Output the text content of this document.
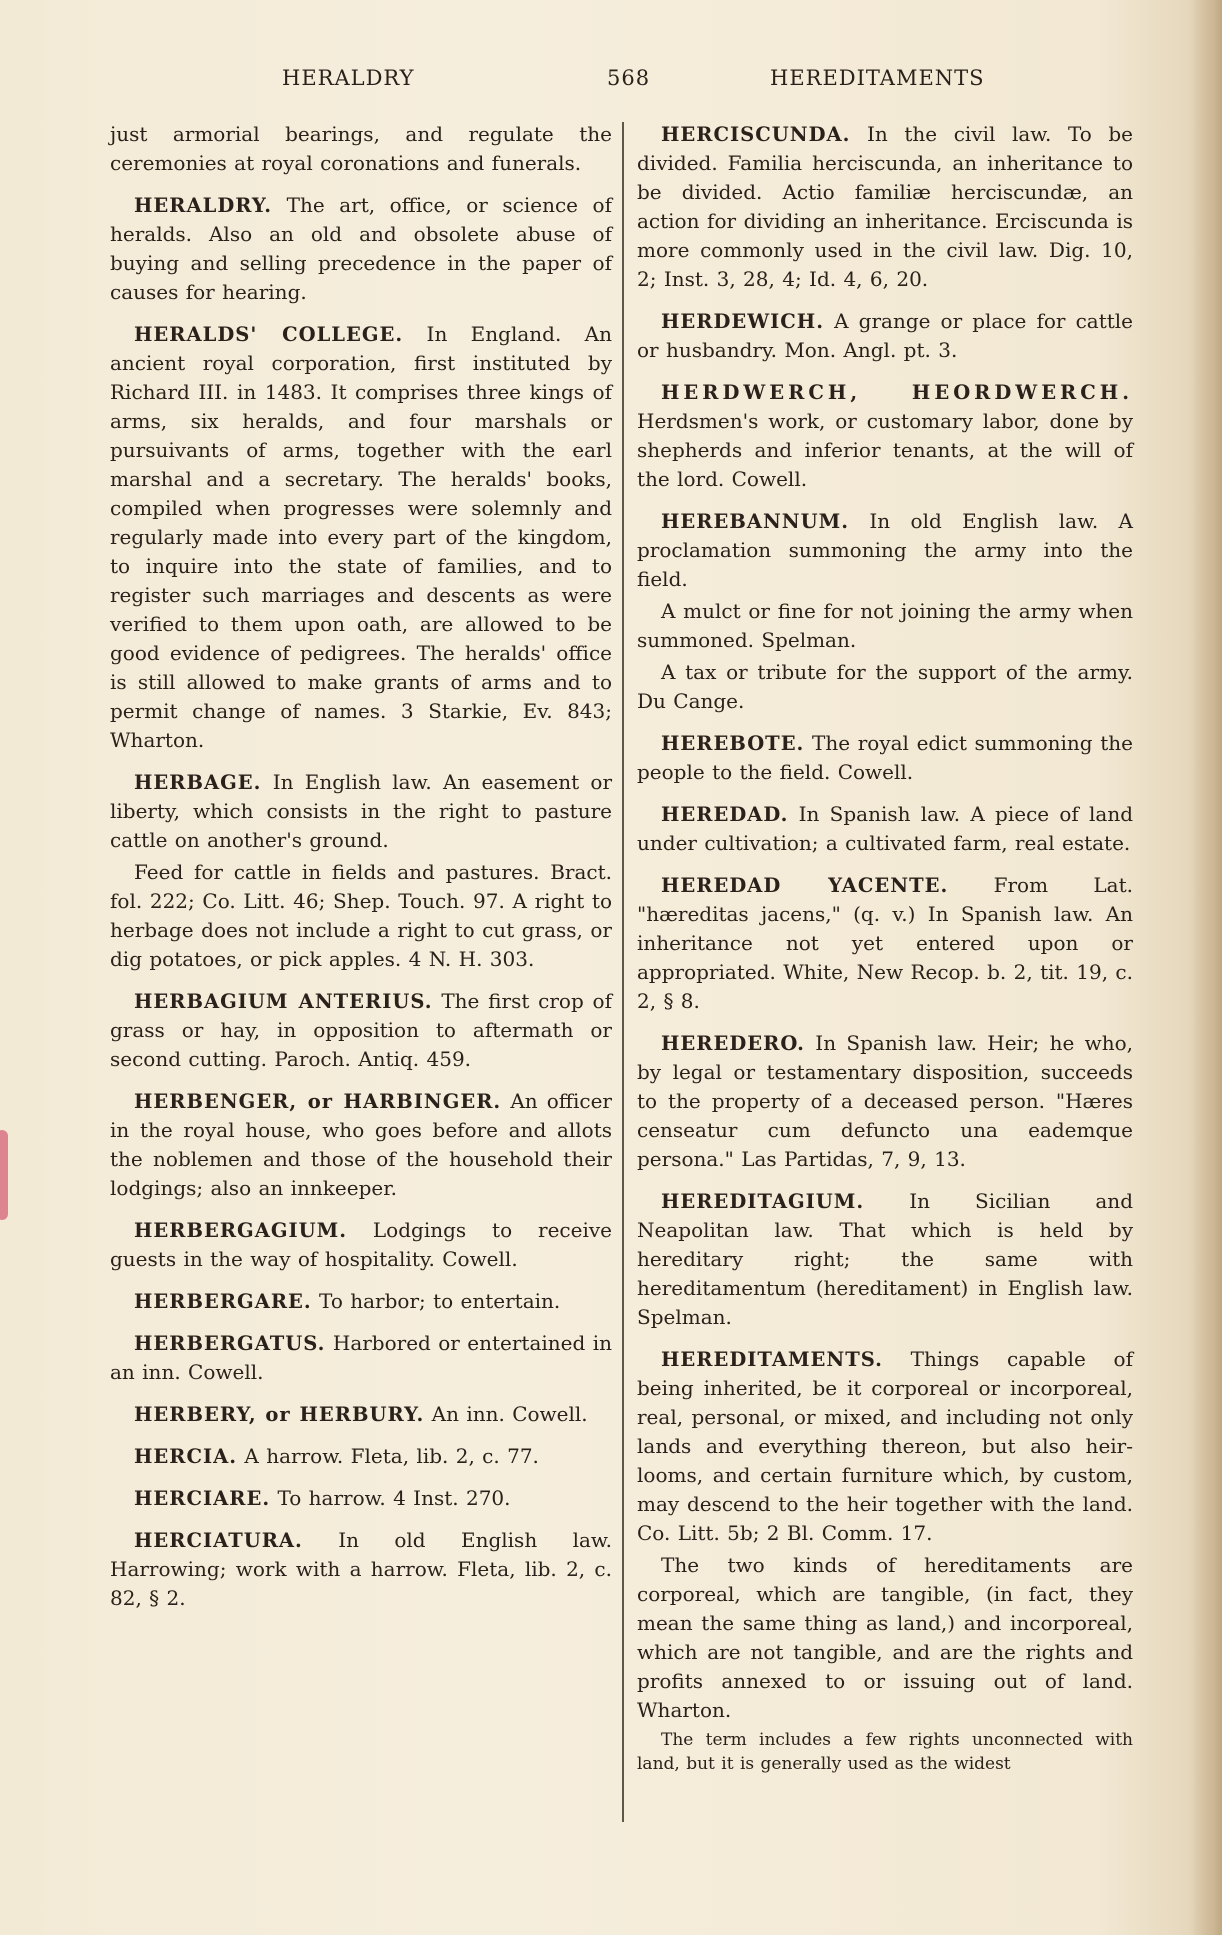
HERALDRY	568	HEREDITAMENTS

just armorial bearings, and regulate the ceremonies at royal coronations and funerals.

HERALDRY. The art, office, or science of heralds. Also an old and obsolete abuse of buying and selling precedence in the paper of causes for hearing.

HERALDS' COLLEGE. In England. An ancient royal corporation, first instituted by Richard III. in 1483. It comprises three kings of arms, six heralds, and four marshals or pursuivants of arms, together with the earl marshal and a secretary. The heralds' books, compiled when progresses were solemnly and regularly made into every part of the kingdom, to inquire into the state of families, and to register such marriages and descents as were verified to them upon oath, are allowed to be good evidence of pedigrees. The heralds' office is still allowed to make grants of arms and to permit change of names. 3 Starkie, Ev. 843; Wharton.

HERBAGE. In English law. An easement or liberty, which consists in the right to pasture cattle on another's ground.

Feed for cattle in fields and pastures. Bract. fol. 222; Co. Litt. 46; Shep. Touch. 97. A right to herbage does not include a right to cut grass, or dig potatoes, or pick apples. 4 N. H. 303.

HERBAGIUM ANTERIUS. The first crop of grass or hay, in opposition to aftermath or second cutting. Paroch. Antiq. 459.

HERBENGER, or HARBINGER. An officer in the royal house, who goes before and allots the noblemen and those of the household their lodgings; also an innkeeper.

HERBERGAGIUM. Lodgings to receive guests in the way of hospitality. Cowell.

HERBERGARE. To harbor; to entertain.

HERBERGATUS. Harbored or entertained in an inn. Cowell.

HERBERY, or HERBURY. An inn. Cowell.

HERCIA. A harrow. Fleta, lib. 2, c. 77.

HERCIARE. To harrow. 4 Inst. 270.

HERCIATURA. In old English law. Harrowing; work with a harrow. Fleta, lib. 2, c. 82, § 2.

HERCISCUNDA. In the civil law. To be divided. Familia herciscunda, an inheritance to be divided. Actio familiæ herciscundæ, an action for dividing an inheritance. Erciscunda is more commonly used in the civil law. Dig. 10, 2; Inst. 3, 28, 4; Id. 4, 6, 20.

HERDEWICH. A grange or place for cattle or husbandry. Mon. Angl. pt. 3.

HERDWERCH, HEORDWERCH. Herdsmen's work, or customary labor, done by shepherds and inferior tenants, at the will of the lord. Cowell.

HEREBANNUM. In old English law. A proclamation summoning the army into the field.

A mulct or fine for not joining the army when summoned. Spelman.

A tax or tribute for the support of the army. Du Cange.

HEREBOTE. The royal edict summoning the people to the field. Cowell.

HEREDAD. In Spanish law. A piece of land under cultivation; a cultivated farm, real estate.

HEREDAD YACENTE. From Lat. "hæreditas jacens," (q. v.) In Spanish law. An inheritance not yet entered upon or appropriated. White, New Recop. b. 2, tit. 19, c. 2, § 8.

HEREDERO. In Spanish law. Heir; he who, by legal or testamentary disposition, succeeds to the property of a deceased person. "Hæres censeatur cum defuncto una eademque persona." Las Partidas, 7, 9, 13.

HEREDITAGIUM. In Sicilian and Neapolitan law. That which is held by hereditary right; the same with hereditamentum (hereditament) in English law. Spelman.

HEREDITAMENTS. Things capable of being inherited, be it corporeal or incorporeal, real, personal, or mixed, and including not only lands and everything thereon, but also heir-looms, and certain furniture which, by custom, may descend to the heir together with the land. Co. Litt. 5b; 2 Bl. Comm. 17.

The two kinds of hereditaments are corporeal, which are tangible, (in fact, they mean the same thing as land,) and incorporeal, which are not tangible, and are the rights and profits annexed to or issuing out of land. Wharton.

The term includes a few rights unconnected with land, but it is generally used as the widest
